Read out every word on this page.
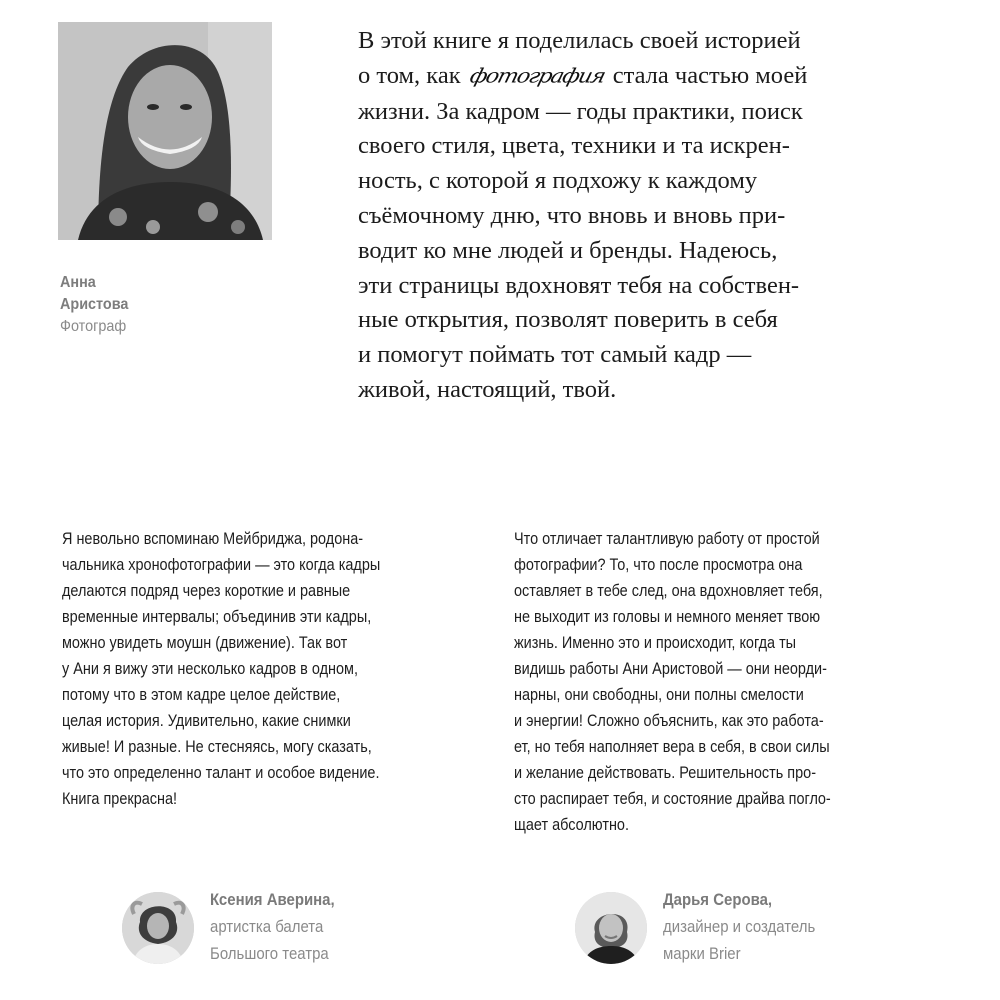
Анна
Аристова
Фотограф
В этой книге я поделилась своей историей
о том, как фотография стала частью моей
жизни. За кадром — годы практики, поиск
своего стиля, цвета, техники и та искрен-
ность, с которой я подхожу к каждому
съёмочному дню, что вновь и вновь при-
водит ко мне людей и бренды. Надеюсь,
эти страницы вдохновят тебя на собствен-
ные открытия, позволят поверить в себя
и помогут поймать тот самый кадр —
живой, настоящий, твой.
Я невольно вспоминаю Мейбриджа, родона-
чальника хронофотографии — это когда кадры
делаются подряд через короткие и равные
временные интервалы; объединив эти кадры,
можно увидеть моушн (движение). Так вот
у Ани я вижу эти несколько кадров в одном,
потому что в этом кадре целое действие,
целая история. Удивительно, какие снимки
живые! И разные. Не стесняясь, могу сказать,
что это определенно талант и особое видение.
Книга прекрасна!
Что отличает талантливую работу от простой
фотографии? То, что после просмотра она
оставляет в тебе след, она вдохновляет тебя,
не выходит из головы и немного меняет твою
жизнь. Именно это и происходит, когда ты
видишь работы Ани Аристовой — они неорди-
нарны, они свободны, они полны смелости
и энергии! Сложно объяснить, как это работа-
ет, но тебя наполняет вера в себя, в свои силы
и желание действовать. Решительность про-
сто распирает тебя, и состояние драйва поглo-
щает абсолютно.
Ксения Аверина,
артистка балета
Большого театра
Дарья Серова,
дизайнер и создатель
марки Brier
